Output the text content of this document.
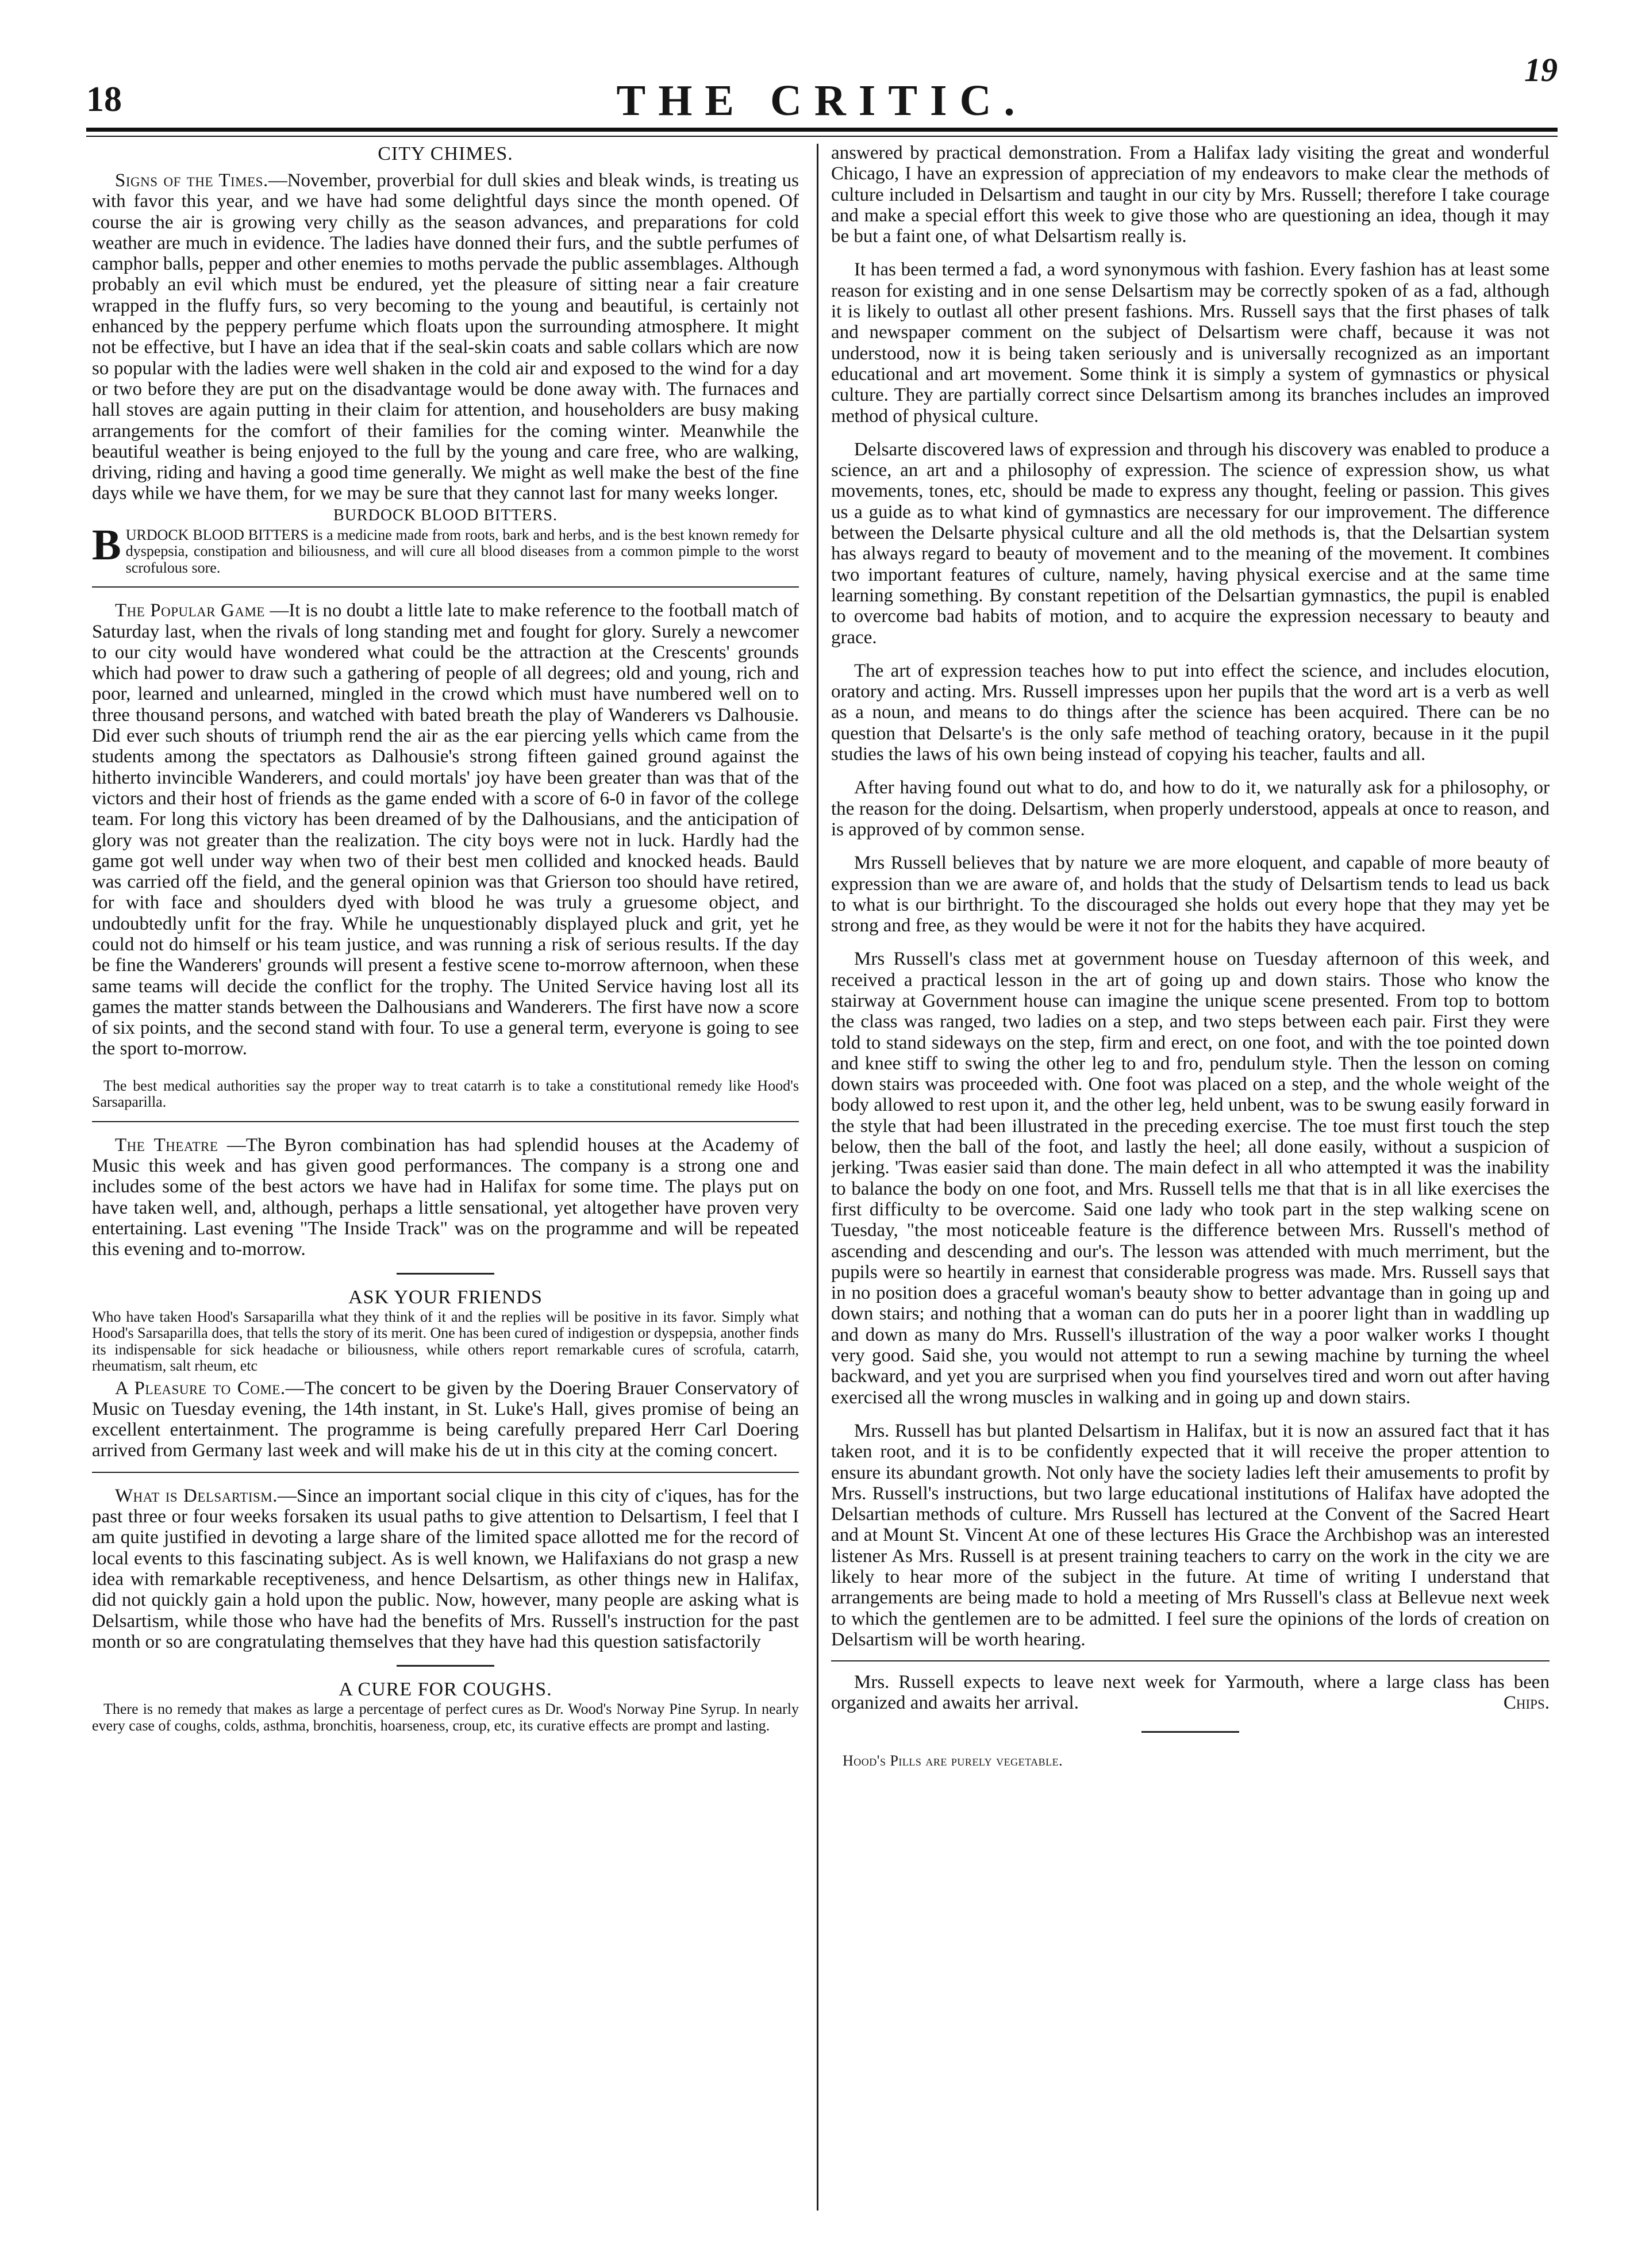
18	THE CRITIC.
19
CITY CHIMES.

Signs of the Times.—November, proverbial for dull skies and bleak winds, is treating us with favor this year, and we have had some delightful days since the month opened. Of course the air is growing very chilly as the season advances, and preparations for cold weather are much in evidence. The ladies have donned their furs, and the subtle perfumes of camphor balls, pepper and other enemies to moths pervade the public assemblages. Although probably an evil which must be endured, yet the pleasure of sitting near a fair creature wrapped in the fluffy furs, so very becoming to the young and beautiful, is certainly not enhanced by the peppery perfume which floats upon the surrounding atmosphere. It might not be effective, but I have an idea that if the seal-skin coats and sable collars which are now so popular with the ladies were well shaken in the cold air and exposed to the wind for a day or two before they are put on the disadvantage would be done away with. The furnaces and hall stoves are again putting in their claim for attention, and householders are busy making arrangements for the comfort of their families for the coming winter. Meanwhile the beautiful weather is being enjoyed to the full by the young and care free, who are walking, driving, riding and having a good time generally. We might as well make the best of the fine days while we have them, for we may be sure that they cannot last for many weeks longer.

BURDOCK BLOOD BITTERS.

BURDOCK BLOOD BITTERS is a medicine made from roots, bark and herbs, and is the best known remedy for dyspepsia, constipation and biliousness, and will cure all blood diseases from a common pimple to the worst scrofulous sore.

The Popular Game —It is no doubt a little late to make reference to the football match of Saturday last, when the rivals of long standing met and fought for glory. Surely a newcomer to our city would have wondered what could be the attraction at the Crescents' grounds which had power to draw such a gathering of people of all degrees; old and young, rich and poor, learned and unlearned, mingled in the crowd which must have numbered well on to three thousand persons, and watched with bated breath the play of Wanderers vs Dalhousie. Did ever such shouts of triumph rend the air as the ear piercing yells which came from the students among the spectators as Dalhousie's strong fifteen gained ground against the hitherto invincible Wanderers, and could mortals' joy have been greater than was that of the victors and their host of friends as the game ended with a score of 6-0 in favor of the college team. For long this victory has been dreamed of by the Dalhousians, and the anticipation of glory was not greater than the realization. The city boys were not in luck. Hardly had the game got well under way when two of their best men collided and knocked heads. Bauld was carried off the field, and the general opinion was that Grierson too should have retired, for with face and shoulders dyed with blood he was truly a gruesome object, and undoubtedly unfit for the fray. While he unquestionably displayed pluck and grit, yet he could not do himself or his team justice, and was running a risk of serious results. If the day be fine the Wanderers' grounds will present a festive scene to-morrow afternoon, when these same teams will decide the conflict for the trophy. The United Service having lost all its games the matter stands between the Dalhousians and Wanderers. The first have now a score of six points, and the second stand with four. To use a general term, everyone is going to see the sport to-morrow.

The best medical authorities say the proper way to treat catarrh is to take a constitutional remedy like Hood's Sarsaparilla.

The Theatre —The Byron combination has had splendid houses at the Academy of Music this week and has given good performances. The company is a strong one and includes some of the best actors we have had in Halifax for some time. The plays put on have taken well, and, although, perhaps a little sensational, yet altogether have proven very entertaining. Last evening "The Inside Track" was on the programme and will be repeated this evening and to-morrow.

ASK YOUR FRIENDS

Who have taken Hood's Sarsaparilla what they think of it and the replies will be positive in its favor. Simply what Hood's Sarsaparilla does, that tells the story of its merit. One has been cured of indigestion or dyspepsia, another finds its indispensable for sick headache or biliousness, while others report remarkable cures of scrofula, catarrh, rheumatism, salt rheum, etc

A Pleasure to Come.—The concert to be given by the Doering Brauer Conservatory of Music on Tuesday evening, the 14th instant, in St. Luke's Hall, gives promise of being an excellent entertainment. The programme is being carefully prepared Herr Carl Doering arrived from Germany last week and will make his de ut in this city at the coming concert.

What is Delsartism.—Since an important social clique in this city of c'iques, has for the past three or four weeks forsaken its usual paths to give attention to Delsartism, I feel that I am quite justified in devoting a large share of the limited space allotted me for the record of local events to this fascinating subject. As is well known, we Halifaxians do not grasp a new idea with remarkable receptiveness, and hence Delsartism, as other things new in Halifax, did not quickly gain a hold upon the public. Now, however, many people are asking what is Delsartism, while those who have had the benefits of Mrs. Russell's instruction for the past month or so are congratulating themselves that they have had this question satisfactorily

A CURE FOR COUGHS.

There is no remedy that makes as large a percentage of perfect cures as Dr. Wood's Norway Pine Syrup. In nearly every case of coughs, colds, asthma, bronchitis, hoarseness, croup, etc, its curative effects are prompt and lasting.

answered by practical demonstration. From a Halifax lady visiting the great and wonderful Chicago, I have an expression of appreciation of my endeavors to make clear the methods of culture included in Delsartism and taught in our city by Mrs. Russell; therefore I take courage and make a special effort this week to give those who are questioning an idea, though it may be but a faint one, of what Delsartism really is.

It has been termed a fad, a word synonymous with fashion. Every fashion has at least some reason for existing and in one sense Delsartism may be correctly spoken of as a fad, although it is likely to outlast all other present fashions. Mrs. Russell says that the first phases of talk and newspaper comment on the subject of Delsartism were chaff, because it was not understood, now it is being taken seriously and is universally recognized as an important educational and art movement. Some think it is simply a system of gymnastics or physical culture. They are partially correct since Delsartism among its branches includes an improved method of physical culture.

Delsarte discovered laws of expression and through his discovery was enabled to produce a science, an art and a philosophy of expression. The science of expression show, us what movements, tones, etc, should be made to express any thought, feeling or passion. This gives us a guide as to what kind of gymnastics are necessary for our improvement. The difference between the Delsarte physical culture and all the old methods is, that the Delsartian system has always regard to beauty of movement and to the meaning of the movement. It combines two important features of culture, namely, having physical exercise and at the same time learning something. By constant repetition of the Delsartian gymnastics, the pupil is enabled to overcome bad habits of motion, and to acquire the expression necessary to beauty and grace.

The art of expression teaches how to put into effect the science, and includes elocution, oratory and acting. Mrs. Russell impresses upon her pupils that the word art is a verb as well as a noun, and means to do things after the science has been acquired. There can be no question that Delsarte's is the only safe method of teaching oratory, because in it the pupil studies the laws of his own being instead of copying his teacher, faults and all.

After having found out what to do, and how to do it, we naturally ask for a philosophy, or the reason for the doing. Delsartism, when properly understood, appeals at once to reason, and is approved of by common sense.

Mrs Russell believes that by nature we are more eloquent, and capable of more beauty of expression than we are aware of, and holds that the study of Delsartism tends to lead us back to what is our birthright. To the discouraged she holds out every hope that they may yet be strong and free, as they would be were it not for the habits they have acquired.

Mrs Russell's class met at government house on Tuesday afternoon of this week, and received a practical lesson in the art of going up and down stairs. Those who know the stairway at Government house can imagine the unique scene presented. From top to bottom the class was ranged, two ladies on a step, and two steps between each pair. First they were told to stand sideways on the step, firm and erect, on one foot, and with the toe pointed down and knee stiff to swing the other leg to and fro, pendulum style. Then the lesson on coming down stairs was proceeded with. One foot was placed on a step, and the whole weight of the body allowed to rest upon it, and the other leg, held unbent, was to be swung easily forward in the style that had been illustrated in the preceding exercise. The toe must first touch the step below, then the ball of the foot, and lastly the heel; all done easily, without a suspicion of jerking. 'Twas easier said than done. The main defect in all who attempted it was the inability to balance the body on one foot, and Mrs. Russell tells me that that is in all like exercises the first difficulty to be overcome. Said one lady who took part in the step walking scene on Tuesday, "the most noticeable feature is the difference between Mrs. Russell's method of ascending and descending and our's. The lesson was attended with much merriment, but the pupils were so heartily in earnest that considerable progress was made. Mrs. Russell says that in no position does a graceful woman's beauty show to better advantage than in going up and down stairs; and nothing that a woman can do puts her in a poorer light than in waddling up and down as many do Mrs. Russell's illustration of the way a poor walker works I thought very good. Said she, you would not attempt to run a sewing machine by turning the wheel backward, and yet you are surprised when you find yourselves tired and worn out after having exercised all the wrong muscles in walking and in going up and down stairs.

Mrs. Russell has but planted Delsartism in Halifax, but it is now an assured fact that it has taken root, and it is to be confidently expected that it will receive the proper attention to ensure its abundant growth. Not only have the society ladies left their amusements to profit by Mrs. Russell's instructions, but two large educational institutions of Halifax have adopted the Delsartian methods of culture. Mrs Russell has lectured at the Convent of the Sacred Heart and at Mount St. Vincent At one of these lectures His Grace the Archbishop was an interested listener As Mrs. Russell is at present training teachers to carry on the work in the city we are likely to hear more of the subject in the future. At time of writing I understand that arrangements are being made to hold a meeting of Mrs Russell's class at Bellevue next week to which the gentlemen are to be admitted. I feel sure the opinions of the lords of creation on Delsartism will be worth hearing.

Mrs. Russell expects to leave next week for Yarmouth, where a large class has been organized and awaits her arrival.	Chips.

Hood's Pills are purely vegetable.
